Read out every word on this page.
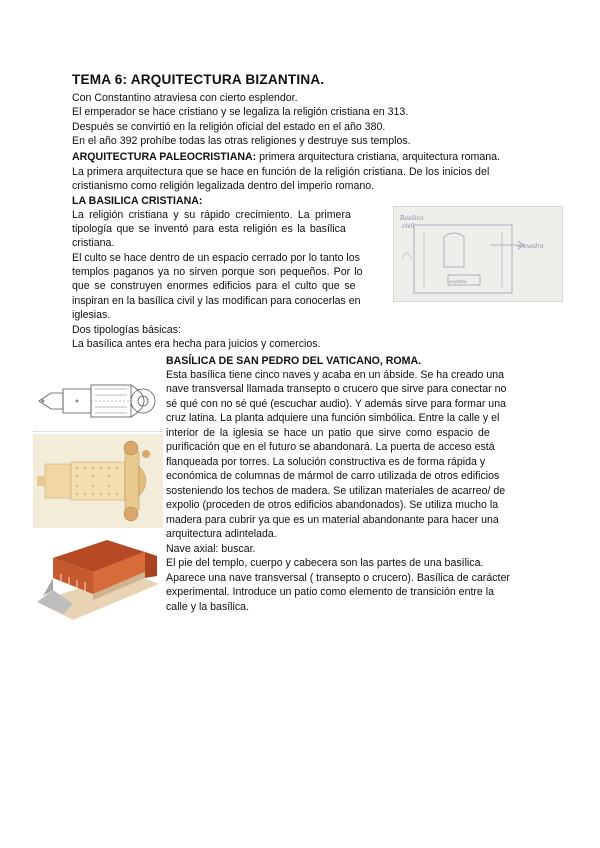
TEMA 6: ARQUITECTURA BIZANTINA.
Con Constantino atraviesa con cierto esplendor.
El emperador se hace cristiano y se legaliza la religión cristiana en 313.
Después se convirtió en la religión oficial del estado en el año 380.
En el año 392 prohíbe todas las otras religiones y destruye sus templos.
ARQUITECTURA PALEOCRISTIANA: primera arquitectura cristiana, arquitectura romana.
La primera arquitectura que se hace en función de la religión cristiana. De los inicios del
cristianismo como religión legalizada dentro del imperio romano.
LA BASILICA CRISTIANA:
La religión cristiana y su rápido crecimiento. La primera
tipología que se inventó para esta religión es la basílica
cristiana.
El culto se hace dentro de un espacio cerrado por lo tanto los
templos paganos ya no sirven porque son pequeños. Por lo
que se construyen enormes edificios para el culto que se
inspiran en la basílica civil y las modifican para conocerlas en
iglesias.
Dos tipologías básicas:
La basílica antes era hecha para juicios y comercios.
Basílica
civil
exedra
→ exedra
BASÍLICA DE SAN PEDRO DEL VATICANO, ROMA.
Esta basílica tiene cinco naves y acaba en un ábside. Se ha creado una
nave transversal llamada transepto o crucero que sirve para conectar no
sé qué con no sé qué (escuchar audio). Y además sirve para formar una
cruz latina. La planta adquiere una función simbólica. Entre la calle y el
interior de la iglesia se hace un patio que sirve como espacio de
purificación que en el futuro se abandonará. La puerta de acceso está
flanqueada por torres. La solución constructiva es de forma rápida y
económica de columnas de mármol de carro utilizada de otros edificios
sosteniendo los techos de madera. Se utilizan materiales de acarreo/ de
expolio (proceden de otros edificios abandonados). Se utiliza mucho la
madera para cubrir ya que es un material abandonante para hacer una
arquitectura adintelada.
Nave axial: buscar.
El pie del templo, cuerpo y cabecera son las partes de una basílica.
Aparece una nave transversal ( transepto o crucero). Basílica de carácter
experimental. Introduce un patio como elemento de transición entre la
calle y la basílica.
